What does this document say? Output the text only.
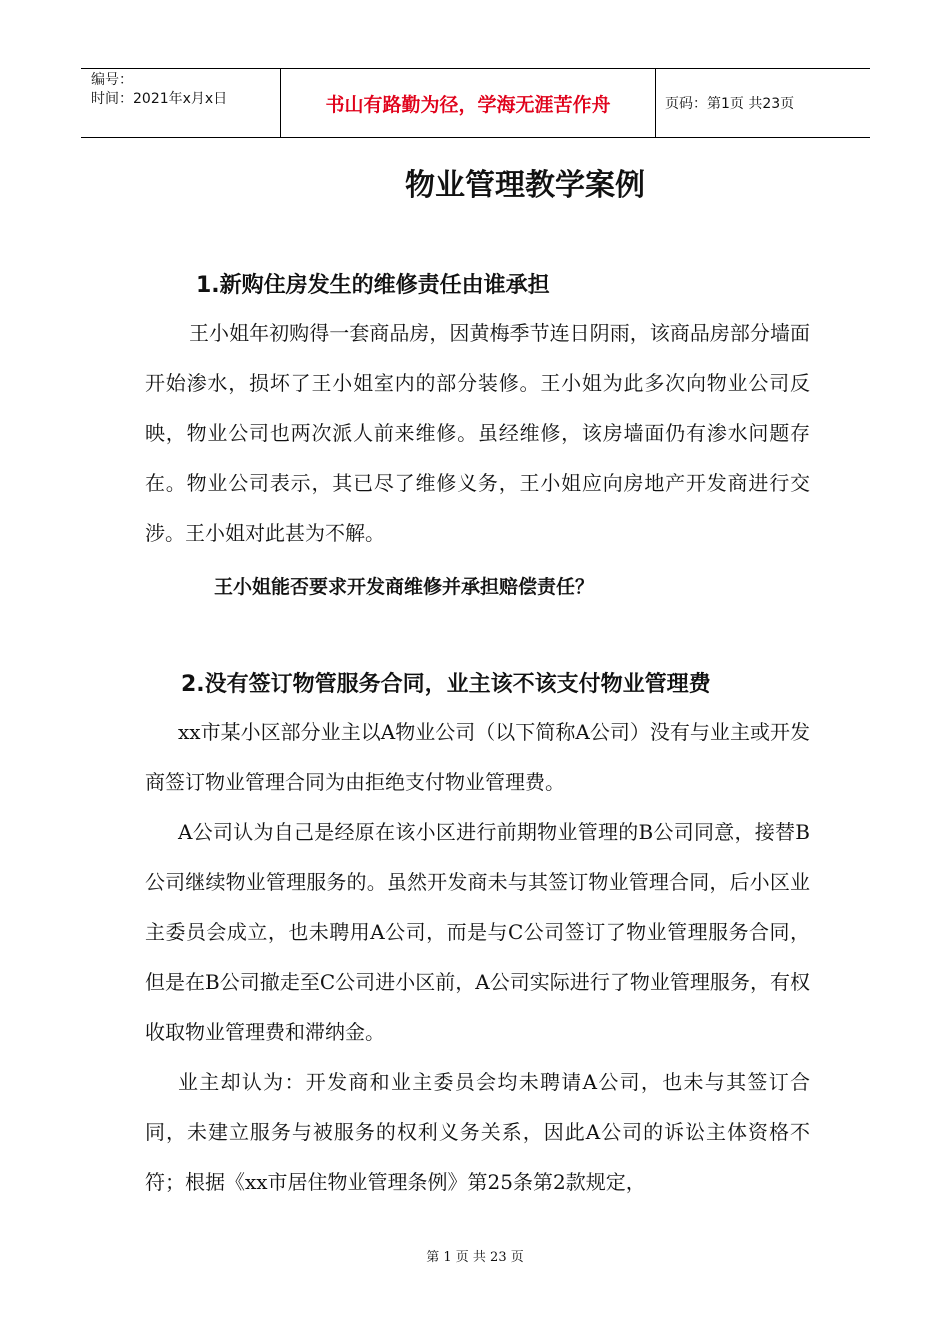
编号：
时间：2021年x月x日	书山有路勤为径，学海无涯苦作舟	页码：第1页 共23页
物业管理教学案例
1.新购住房发生的维修责任由谁承担
王小姐年初购得一套商品房，因黄梅季节连日阴雨，该商品房部分墙面开始渗水，损坏了王小姐室内的部分装修。王小姐为此多次向物业公司反映，物业公司也两次派人前来维修。虽经维修，该房墙面仍有渗水问题存在。物业公司表示，其已尽了维修义务，王小姐应向房地产开发商进行交涉。王小姐对此甚为不解。
王小姐能否要求开发商维修并承担赔偿责任？
2.没有签订物管服务合同，业主该不该支付物业管理费
xx市某小区部分业主以A物业公司（以下简称A公司）没有与业主或开发商签订物业管理合同为由拒绝支付物业管理费。
A公司认为自己是经原在该小区进行前期物业管理的B公司同意，接替B公司继续物业管理服务的。虽然开发商未与其签订物业管理合同，后小区业主委员会成立，也未聘用A公司，而是与C公司签订了物业管理服务合同，但是在B公司撤走至C公司进小区前，A公司实际进行了物业管理服务，有权收取物业管理费和滞纳金。
业主却认为：开发商和业主委员会均未聘请A公司，也未与其签订合同，未建立服务与被服务的权利义务关系，因此A公司的诉讼主体资格不符；根据《xx市居住物业管理条例》第25条第2款规定，
第 1 页 共 23 页
